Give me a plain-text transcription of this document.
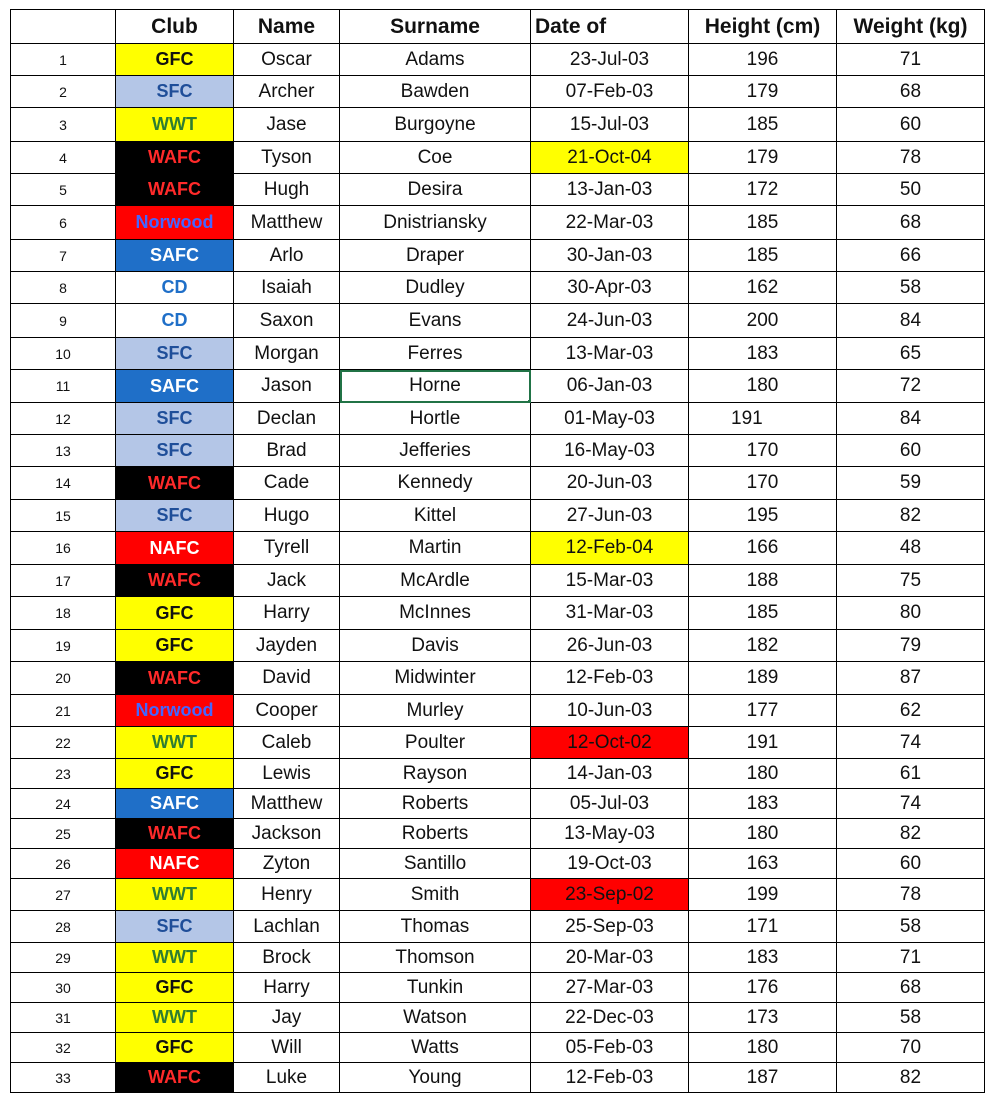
	Club	Name	Surname	Date of	Height (cm)	Weight (kg)
1	GFC	Oscar	Adams	23-Jul-03	196	71
2	SFC	Archer	Bawden	07-Feb-03	179	68
3	WWT	Jase	Burgoyne	15-Jul-03	185	60
4	WAFC	Tyson	Coe	21-Oct-04	179	78
5	WAFC	Hugh	Desira	13-Jan-03	172	50
6	Norwood	Matthew	Dnistriansky	22-Mar-03	185	68
7	SAFC	Arlo	Draper	30-Jan-03	185	66
8	CD	Isaiah	Dudley	30-Apr-03	162	58
9	CD	Saxon	Evans	24-Jun-03	200	84
10	SFC	Morgan	Ferres	13-Mar-03	183	65
11	SAFC	Jason	Horne	06-Jan-03	180	72
12	SFC	Declan	Hortle	01-May-03	191	84
13	SFC	Brad	Jefferies	16-May-03	170	60
14	WAFC	Cade	Kennedy	20-Jun-03	170	59
15	SFC	Hugo	Kittel	27-Jun-03	195	82
16	NAFC	Tyrell	Martin	12-Feb-04	166	48
17	WAFC	Jack	McArdle	15-Mar-03	188	75
18	GFC	Harry	McInnes	31-Mar-03	185	80
19	GFC	Jayden	Davis	26-Jun-03	182	79
20	WAFC	David	Midwinter	12-Feb-03	189	87
21	Norwood	Cooper	Murley	10-Jun-03	177	62
22	WWT	Caleb	Poulter	12-Oct-02	191	74
23	GFC	Lewis	Rayson	14-Jan-03	180	61
24	SAFC	Matthew	Roberts	05-Jul-03	183	74
25	WAFC	Jackson	Roberts	13-May-03	180	82
26	NAFC	Zyton	Santillo	19-Oct-03	163	60
27	WWT	Henry	Smith	23-Sep-02	199	78
28	SFC	Lachlan	Thomas	25-Sep-03	171	58
29	WWT	Brock	Thomson	20-Mar-03	183	71
30	GFC	Harry	Tunkin	27-Mar-03	176	68
31	WWT	Jay	Watson	22-Dec-03	173	58
32	GFC	Will	Watts	05-Feb-03	180	70
33	WAFC	Luke	Young	12-Feb-03	187	82
